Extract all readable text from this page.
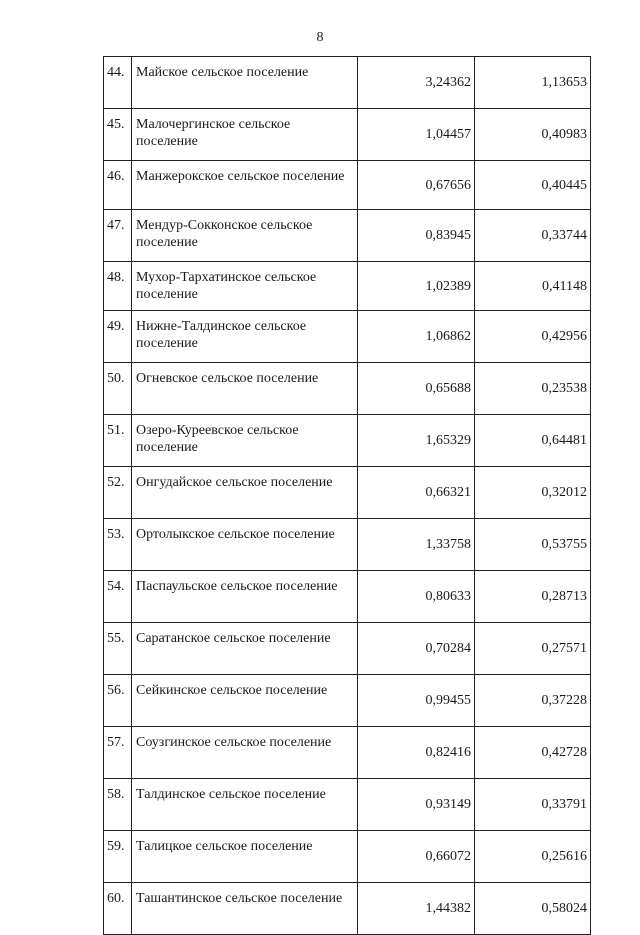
8
44.	Майское сельское поселение	3,24362	1,13653
45.	Малочергинское сельское поселение	1,04457	0,40983
46.	Манжерокское сельское поселение	0,67656	0,40445
47.	Мендур-Сокконское сельское поселение	0,83945	0,33744
48.	Мухор-Тархатинское сельское поселение	1,02389	0,41148
49.	Нижне-Талдинское сельское поселение	1,06862	0,42956
50.	Огневское сельское поселение	0,65688	0,23538
51.	Озеро-Куреевское сельское поселение	1,65329	0,64481
52.	Онгудайское сельское поселение	0,66321	0,32012
53.	Ортолыкское сельское поселение	1,33758	0,53755
54.	Паспаульское сельское поселение	0,80633	0,28713
55.	Саратанское сельское поселение	0,70284	0,27571
56.	Сейкинское сельское поселение	0,99455	0,37228
57.	Соузгинское сельское поселение	0,82416	0,42728
58.	Талдинское сельское поселение	0,93149	0,33791
59.	Талицкое сельское поселение	0,66072	0,25616
60.	Ташантинское сельское поселение	1,44382	0,58024
